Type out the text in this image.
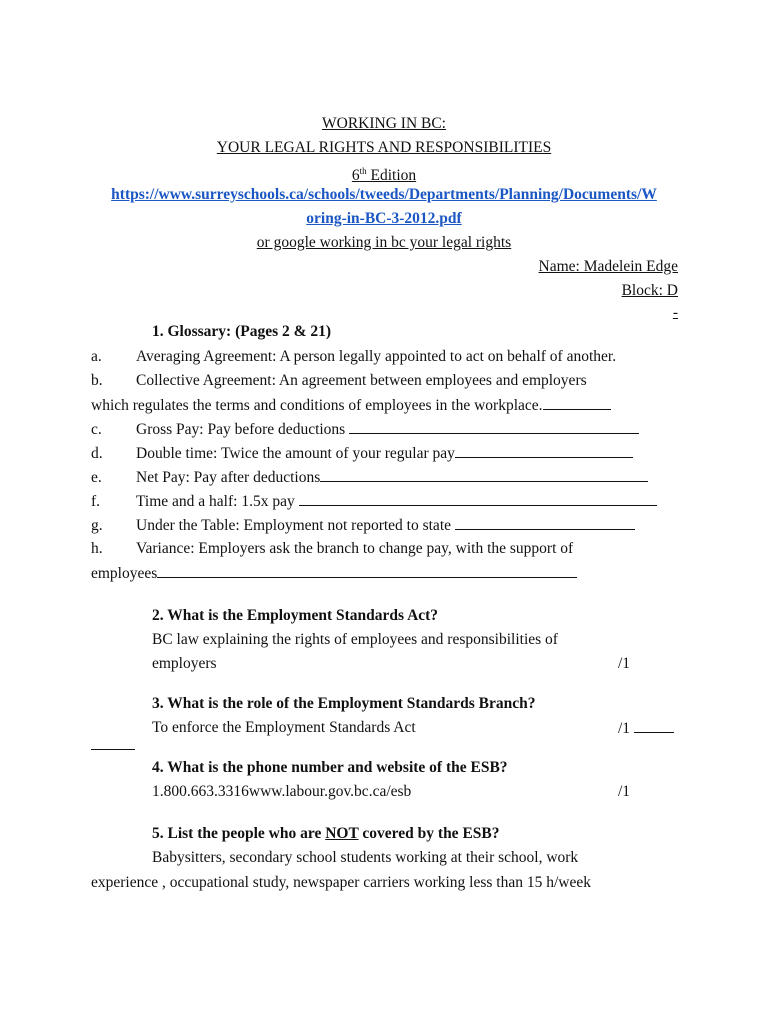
WORKING IN BC:
YOUR LEGAL RIGHTS AND RESPONSIBILITIES
6th Edition
https://www.surreyschools.ca/schools/tweeds/Departments/Planning/Documents/W
oring-in-BC-3-2012.pdf
or google working in bc your legal rights
Name: Madelein Edge
Block: D
-
1. Glossary: (Pages 2 & 21)
a. Averaging Agreement: A person legally appointed to act on behalf of another.
b. Collective Agreement: An agreement between employees and employers
which regulates the terms and conditions of employees in the workplace.
c. Gross Pay: Pay before deductions
d. Double time: Twice the amount of your regular pay
e. Net Pay: Pay after deductions
f. Time and a half: 1.5x pay
g. Under the Table: Employment not reported to state
h. Variance: Employers ask the branch to change pay, with the support of
employees
2. What is the Employment Standards Act?
BC law explaining the rights of employees and responsibilities of
employers	/1
3. What is the role of the Employment Standards Branch?
To enforce the Employment Standards Act	/1
4. What is the phone number and website of the ESB?
1.800.663.3316www.labour.gov.bc.ca/esb	/1
5. List the people who are NOT covered by the ESB?
Babysitters, secondary school students working at their school, work
experience , occupational study, newspaper carriers working less than 15 h/week
